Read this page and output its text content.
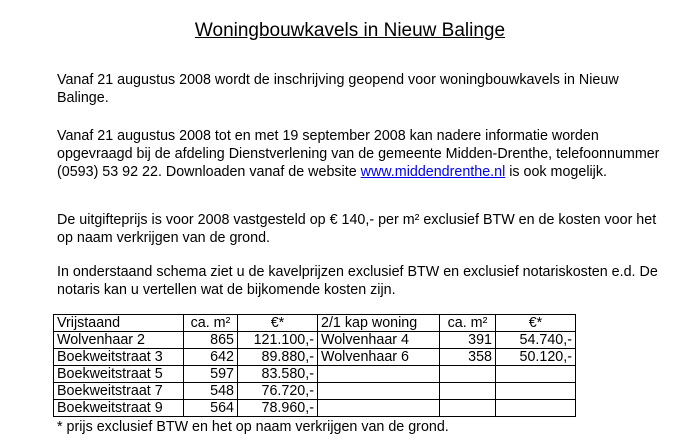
Woningbouwkavels in Nieuw Balinge

Vanaf 21 augustus 2008 wordt de inschrijving geopend voor woningbouwkavels in Nieuw Balinge.

Vanaf 21 augustus 2008 tot en met 19 september 2008 kan nadere informatie worden opgevraagd bij de afdeling Dienstverlening van de gemeente Midden-Drenthe, telefoonnummer (0593) 53 92 22. Downloaden vanaf de website www.middendrenthe.nl is ook mogelijk.

De uitgifteprijs is voor 2008 vastgesteld op € 140,- per m² exclusief BTW en de kosten voor het op naam verkrijgen van de grond.

In onderstaand schema ziet u de kavelprijzen exclusief BTW en exclusief notariskosten e.d. De notaris kan u vertellen wat de bijkomende kosten zijn.

Vrijstaand	ca. m²	€*	2/1 kap woning	ca. m²	€*
Wolvenhaar 2	865	121.100,-	Wolvenhaar 4	391	54.740,-
Boekweitstraat 3	642	89.880,-	Wolvenhaar 6	358	50.120,-
Boekweitstraat 5	597	83.580,-			
Boekweitstraat 7	548	76.720,-			
Boekweitstraat 9	564	78.960,-			

* prijs exclusief BTW en het op naam verkrijgen van de grond.
